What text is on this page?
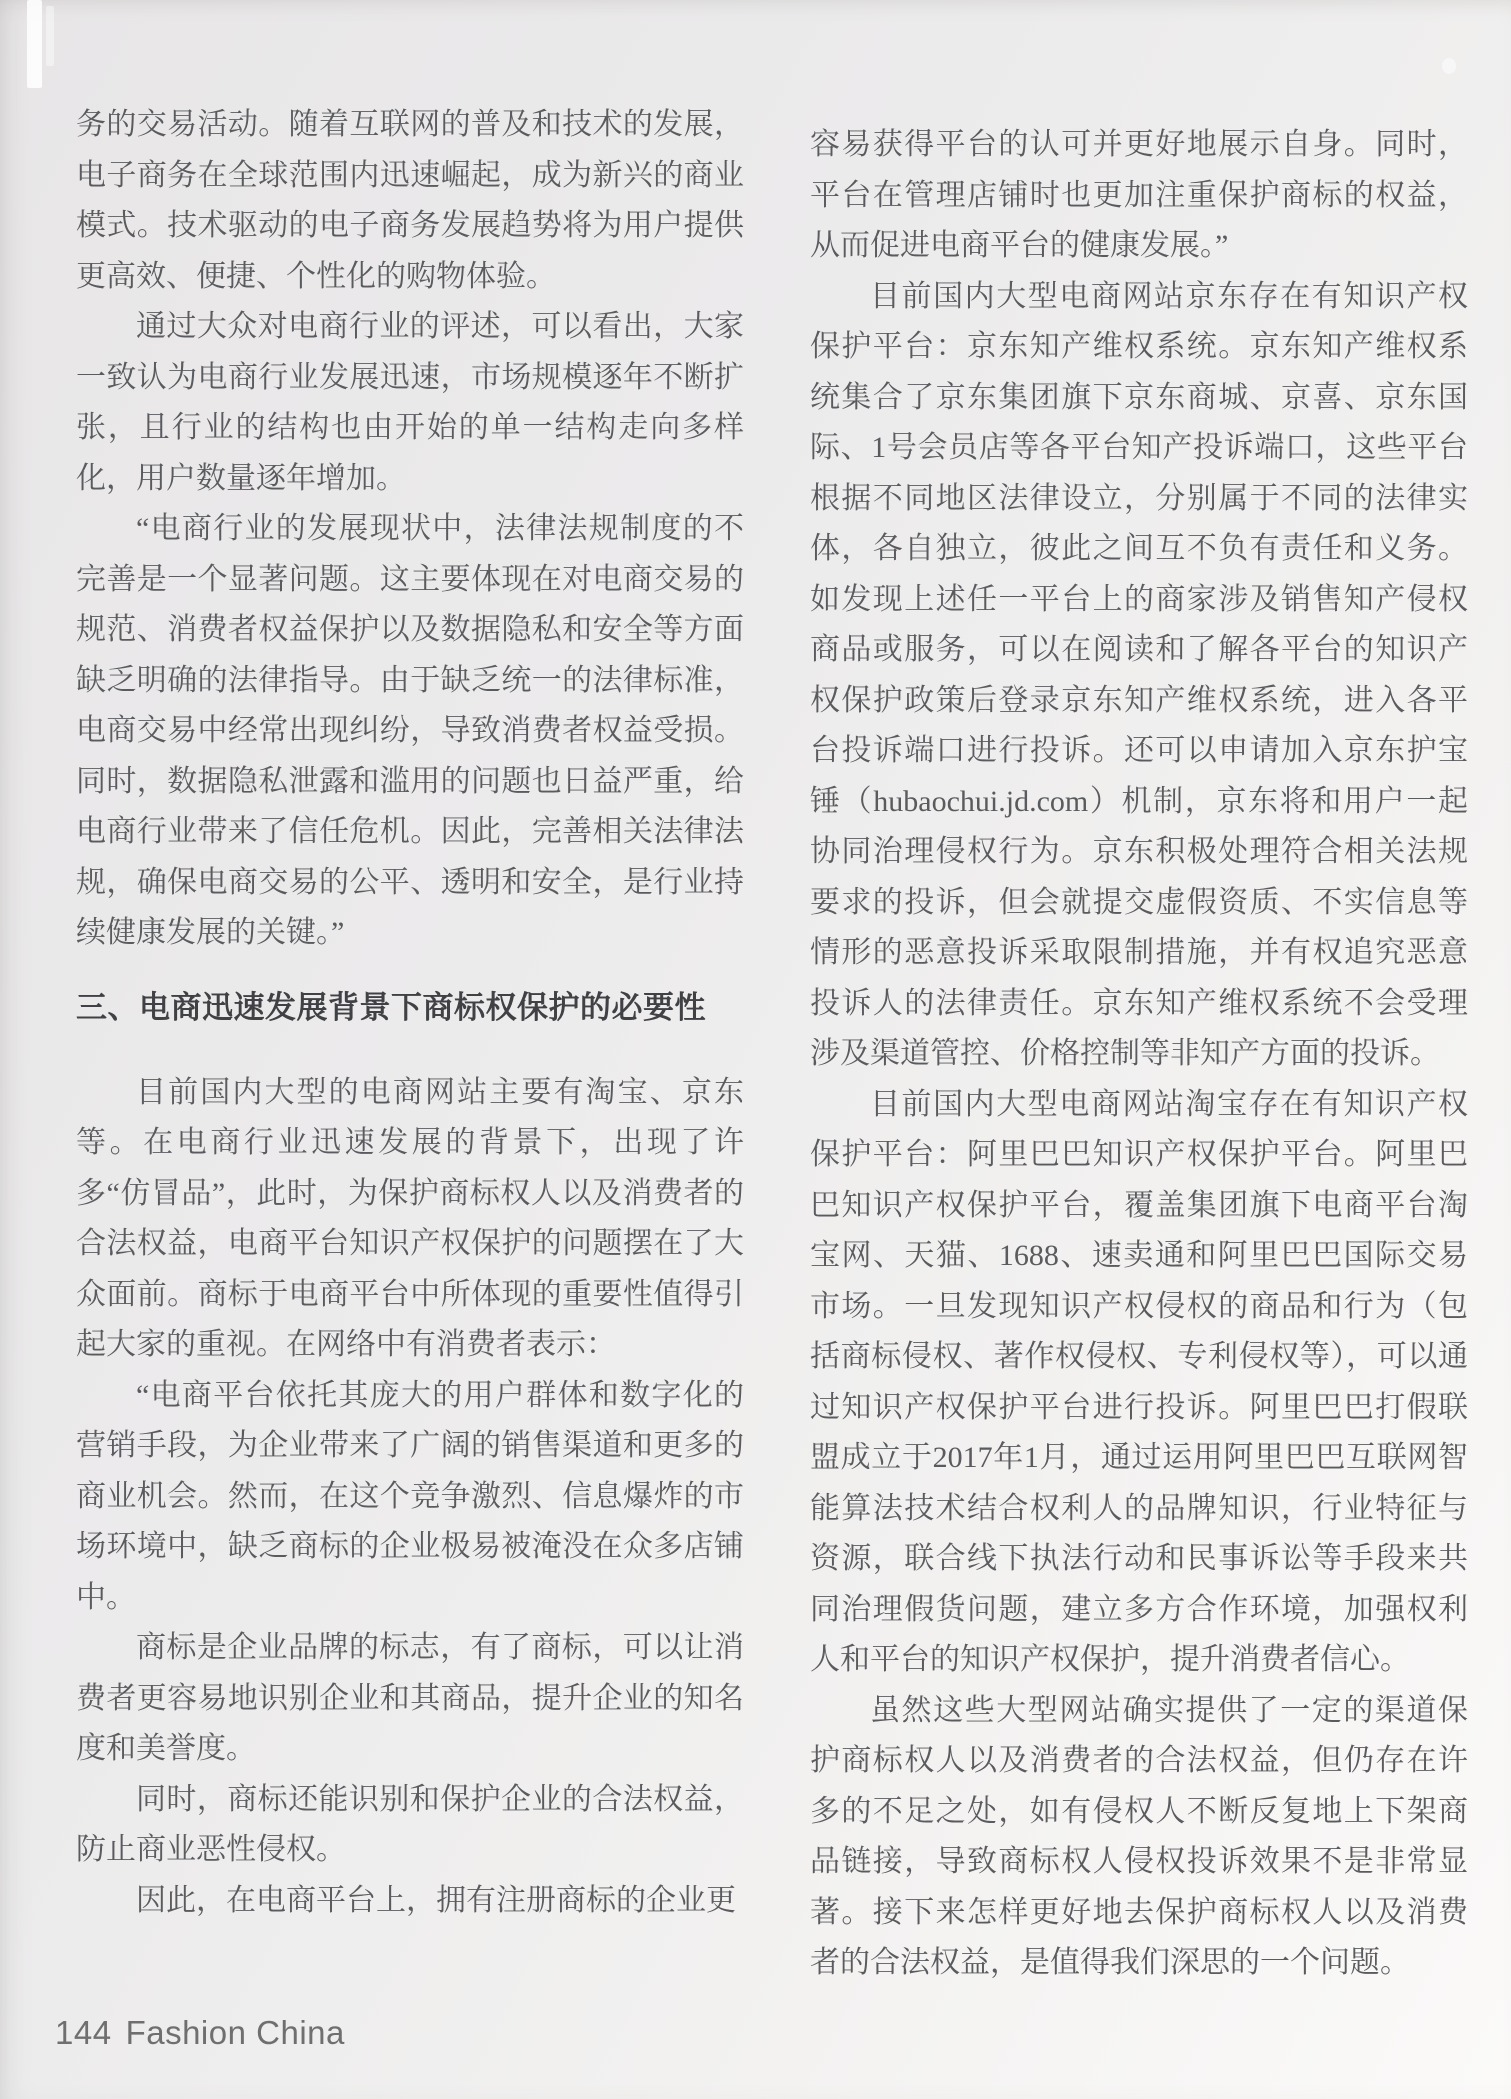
务的交易活动。随着互联网的普及和技术的发展，电子商务在全球范围内迅速崛起，成为新兴的商业模式。技术驱动的电子商务发展趋势将为用户提供更高效、便捷、个性化的购物体验。

通过大众对电商行业的评述，可以看出，大家一致认为电商行业发展迅速，市场规模逐年不断扩张，且行业的结构也由开始的单一结构走向多样化，用户数量逐年增加。

“电商行业的发展现状中，法律法规制度的不完善是一个显著问题。这主要体现在对电商交易的规范、消费者权益保护以及数据隐私和安全等方面缺乏明确的法律指导。由于缺乏统一的法律标准，电商交易中经常出现纠纷，导致消费者权益受损。同时，数据隐私泄露和滥用的问题也日益严重，给电商行业带来了信任危机。因此，完善相关法律法规，确保电商交易的公平、透明和安全，是行业持续健康发展的关键。”

三、电商迅速发展背景下商标权保护的必要性

目前国内大型的电商网站主要有淘宝、京东等。在电商行业迅速发展的背景下，出现了许多“仿冒品”，此时，为保护商标权人以及消费者的合法权益，电商平台知识产权保护的问题摆在了大众面前。商标于电商平台中所体现的重要性值得引起大家的重视。在网络中有消费者表示：

“电商平台依托其庞大的用户群体和数字化的营销手段，为企业带来了广阔的销售渠道和更多的商业机会。然而，在这个竞争激烈、信息爆炸的市场环境中，缺乏商标的企业极易被淹没在众多店铺中。

商标是企业品牌的标志，有了商标，可以让消费者更容易地识别企业和其商品，提升企业的知名度和美誉度。

同时，商标还能识别和保护企业的合法权益，防止商业恶性侵权。

因此，在电商平台上，拥有注册商标的企业更

容易获得平台的认可并更好地展示自身。同时，平台在管理店铺时也更加注重保护商标的权益，从而促进电商平台的健康发展。”

目前国内大型电商网站京东存在有知识产权保护平台：京东知产维权系统。京东知产维权系统集合了京东集团旗下京东商城、京喜、京东国际、1号会员店等各平台知产投诉端口，这些平台根据不同地区法律设立，分别属于不同的法律实体，各自独立，彼此之间互不负有责任和义务。如发现上述任一平台上的商家涉及销售知产侵权商品或服务，可以在阅读和了解各平台的知识产权保护政策后登录京东知产维权系统，进入各平台投诉端口进行投诉。还可以申请加入京东护宝锤（hubaochui.jd.com）机制，京东将和用户一起协同治理侵权行为。京东积极处理符合相关法规要求的投诉，但会就提交虚假资质、不实信息等情形的恶意投诉采取限制措施，并有权追究恶意投诉人的法律责任。京东知产维权系统不会受理涉及渠道管控、价格控制等非知产方面的投诉。

目前国内大型电商网站淘宝存在有知识产权保护平台：阿里巴巴知识产权保护平台。阿里巴巴知识产权保护平台，覆盖集团旗下电商平台淘宝网、天猫、1688、速卖通和阿里巴巴国际交易市场。一旦发现知识产权侵权的商品和行为（包括商标侵权、著作权侵权、专利侵权等），可以通过知识产权保护平台进行投诉。阿里巴巴打假联盟成立于2017年1月，通过运用阿里巴巴互联网智能算法技术结合权利人的品牌知识，行业特征与资源，联合线下执法行动和民事诉讼等手段来共同治理假货问题，建立多方合作环境，加强权利人和平台的知识产权保护，提升消费者信心。

虽然这些大型网站确实提供了一定的渠道保护商标权人以及消费者的合法权益，但仍存在许多的不足之处，如有侵权人不断反复地上下架商品链接，导致商标权人侵权投诉效果不是非常显著。接下来怎样更好地去保护商标权人以及消费者的合法权益，是值得我们深思的一个问题。

144 Fashion China
